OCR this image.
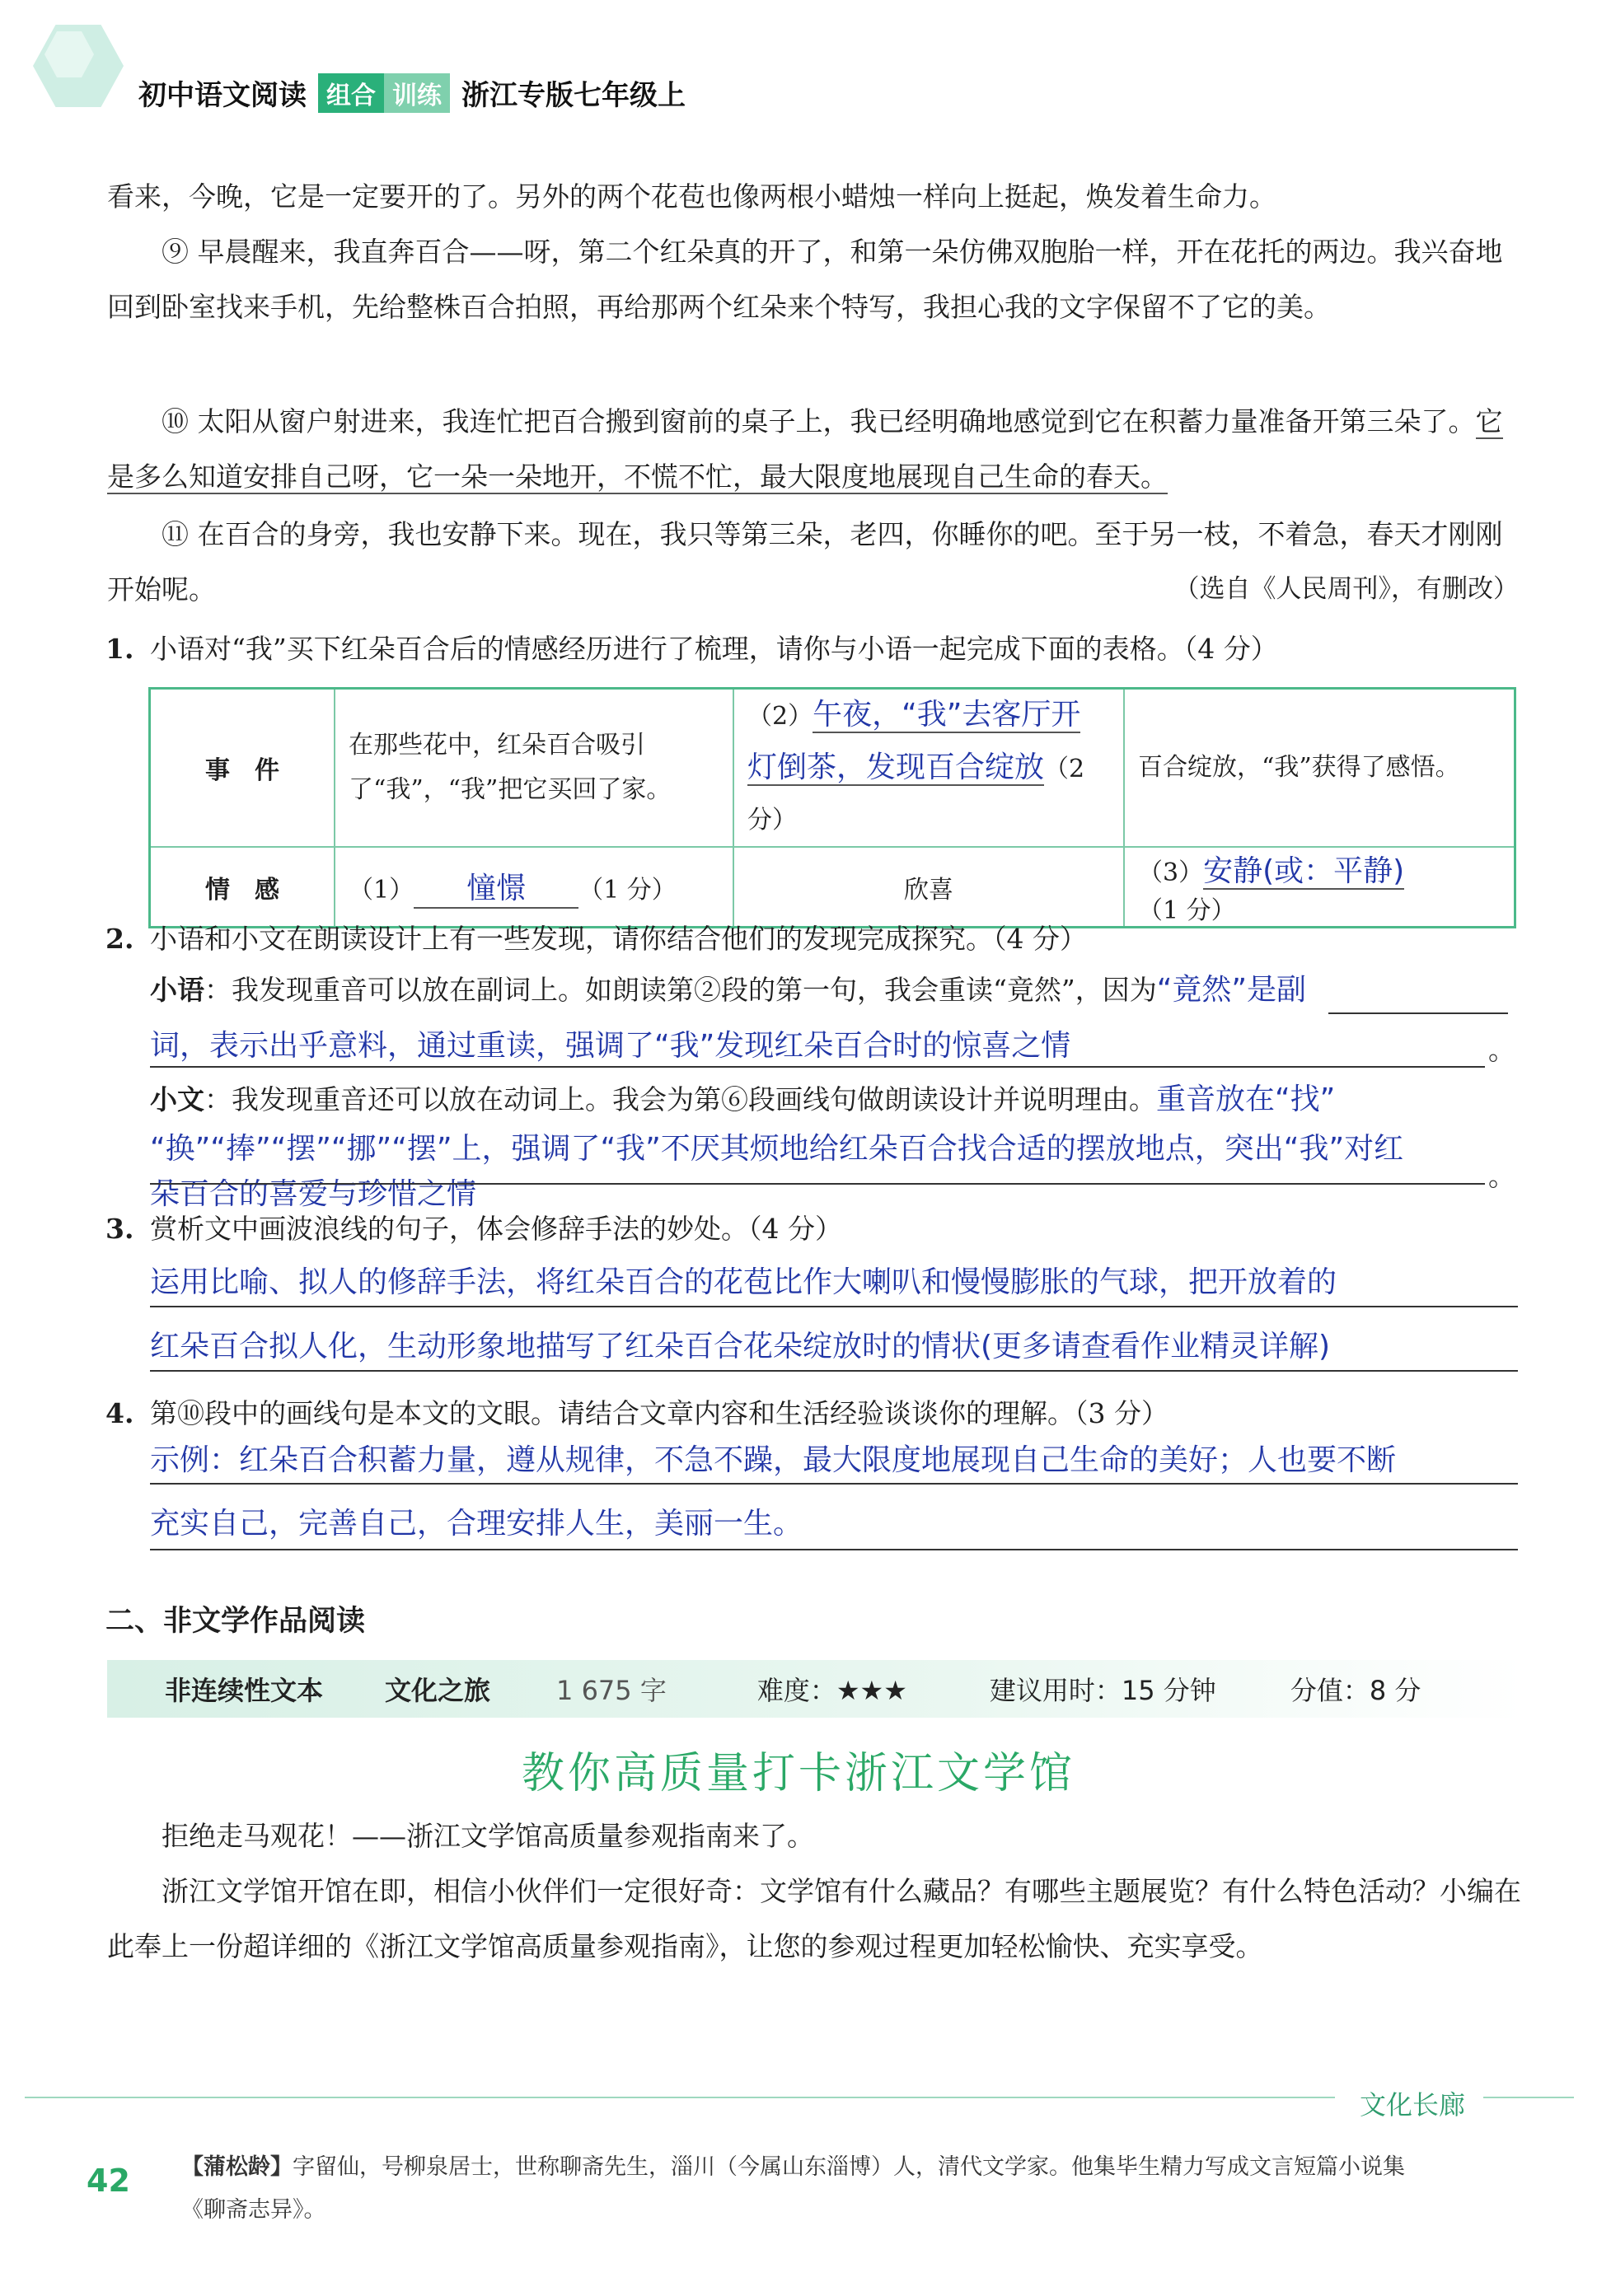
初中语文阅读 组合 训练 浙江专版七年级上
看来，今晚，它是一定要开的了。另外的两个花苞也像两根小蜡烛一样向上挺起，焕发着生命力。
⑨ 早晨醒来，我直奔百合——呀，第二个红朵真的开了，和第一朵仿佛双胞胎一样，开在花托的两边。我兴奋地回到卧室找来手机，先给整株百合拍照，再给那两个红朵来个特写，我担心我的文字保留不了它的美。
⑩ 太阳从窗户射进来，我连忙把百合搬到窗前的桌子上，我已经明确地感觉到它在积蓄力量准备开第三朵了。它是多么知道安排自己呀，它一朵一朵地开，不慌不忙，最大限度地展现自己生命的春天。
⑪ 在百合的身旁，我也安静下来。现在，我只等第三朵，老四，你睡你的吧。至于另一枝，不着急，春天才刚刚开始呢。	（选自《人民周刊》，有删改）
1. 小语对“我”买下红朵百合后的情感经历进行了梳理，请你与小语一起完成下面的表格。（4 分）
事　件	在那些花中，红朵百合吸引了“我”，“我”把它买回了家。	（2）午夜，“我”去客厅开灯倒茶，发现百合绽放（2 分）	百合绽放，“我”获得了感悟。
情　感	（1） 憧憬 （1 分）	欣喜	（3）安静(或：平静)（1 分）
2. 小语和小文在朗读设计上有一些发现，请你结合他们的发现完成探究。（4 分）
小语：我发现重音可以放在副词上。如朗读第②段的第一句，我会重读“竟然”，因为“竟然”是副
词，表示出乎意料，通过重读，强调了“我”发现红朵百合时的惊喜之情	。
小文：我发现重音还可以放在动词上。我会为第⑥段画线句做朗读设计并说明理由。重音放在“找”
“换”“捧”“摆”“挪”“摆”上，强调了“我”不厌其烦地给红朵百合找合适的摆放地点，突出“我”对红
朵百合的喜爱与珍惜之情
。
3. 赏析文中画波浪线的句子，体会修辞手法的妙处。（4 分）
运用比喻、拟人的修辞手法，将红朵百合的花苞比作大喇叭和慢慢膨胀的气球，把开放着的
红朵百合拟人化，生动形象地描写了红朵百合花朵绽放时的情状(更多请查看作业精灵详解)
4. 第⑩段中的画线句是本文的文眼。请结合文章内容和生活经验谈谈你的理解。（3 分）
示例：红朵百合积蓄力量，遵从规律，不急不躁，最大限度地展现自己生命的美好；人也要不断
充实自己，完善自己，合理安排人生，美丽一生。
二、非文学作品阅读
非连续性文本 文化之旅	1 675 字	难度：★★★	建议用时：15 分钟	分值：8 分
教你高质量打卡浙江文学馆
拒绝走马观花！——浙江文学馆高质量参观指南来了。
浙江文学馆开馆在即，相信小伙伴们一定很好奇：文学馆有什么藏品？有哪些主题展览？有什么特色活动？小编在此奉上一份超详细的《浙江文学馆高质量参观指南》，让您的参观过程更加轻松愉快、充实享受。
文化长廊
42 【蒲松龄】字留仙，号柳泉居士，世称聊斋先生，淄川（今属山东淄博）人，清代文学家。他集毕生精力写成文言短篇小说集《聊斋志异》。
